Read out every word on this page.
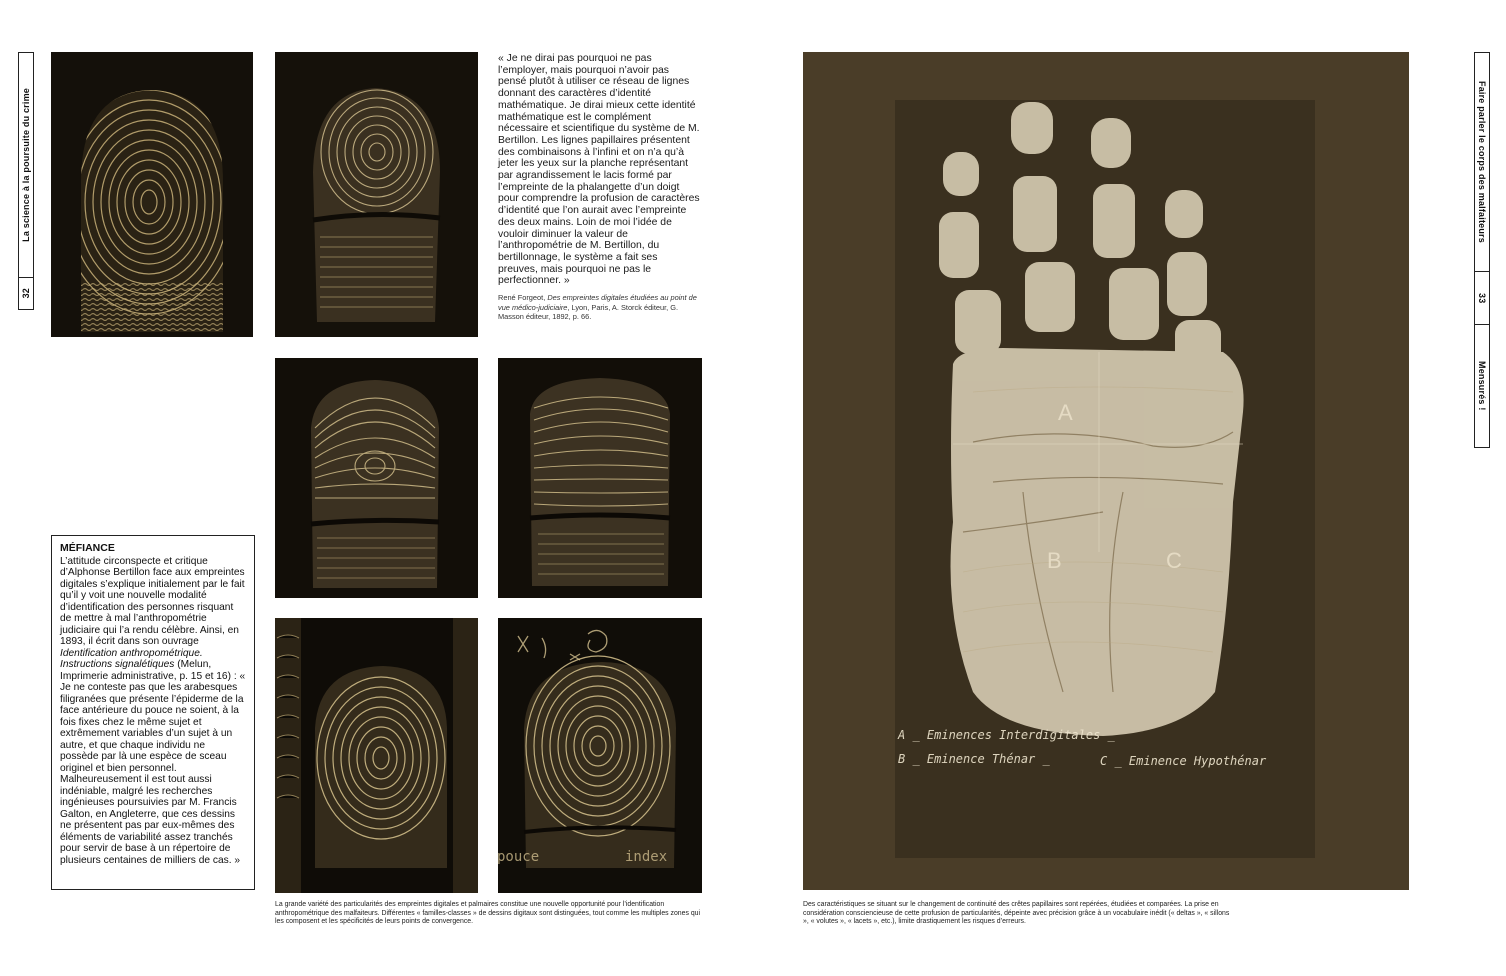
La science à la poursuite du crime
32
Faire parler le corps des malfaiteurs
33
Mensurés !
pouce	index
« Je ne dirai pas pourquoi ne pas l’employer, mais pourquoi n’avoir pas pensé plutôt à utiliser ce réseau de lignes donnant des caractères d’identité mathématique. Je dirai mieux cette identité mathématique est le complément nécessaire et scientifique du système de M. Bertillon. Les lignes papillaires présentent des combinaisons à l’infini et on n’a qu’à jeter les yeux sur la planche représentant par agrandissement le lacis formé par l’empreinte de la phalangette d’un doigt pour comprendre la profusion de caractères d’identité que l’on aurait avec l’empreinte des deux mains. Loin de moi l’idée de vouloir diminuer la valeur de l’anthropométrie de M. Bertillon, du bertillonnage, le système a fait ses preuves, mais pourquoi ne pas le perfectionner. »
René Forgeot, Des empreintes digitales étudiées au point de vue médico-judiciaire, Lyon, Paris, A. Storck éditeur, G. Masson éditeur, 1892, p. 66.
MÉFIANCE
L’attitude circonspecte et critique d’Alphonse Bertillon face aux empreintes digitales s’explique initialement par le fait qu’il y voit une nouvelle modalité d’identification des personnes risquant de mettre à mal l’anthropométrie judiciaire qui l’a rendu célèbre. Ainsi, en 1893, il écrit dans son ouvrage Identification anthropométrique. Instructions signalétiques (Melun, Imprimerie administrative, p. 15 et 16) : « Je ne conteste pas que les arabesques filigranées que présente l’épiderme de la face antérieure du pouce ne soient, à la fois fixes chez le même sujet et extrêmement variables d’un sujet à un autre, et que chaque individu ne possède par là une espèce de sceau originel et bien personnel. Malheureusement il est tout aussi indéniable, malgré les recherches ingénieuses poursuivies par M. Francis Galton, en Angleterre, que ces dessins ne présentent pas par eux-mêmes des éléments de variabilité assez tranchés pour servir de base à un répertoire de plusieurs centaines de milliers de cas. »
A
B	C
A _ Eminences Interdigitales _
B _ Eminence Thénar _	C _ Eminence Hypothénar
La grande variété des particularités des empreintes digitales et palmaires constitue une nouvelle opportunité pour l’identification anthropométrique des malfaiteurs. Différentes « familles-classes » de dessins digitaux sont distinguées, tout comme les multiples zones qui les composent et les spécificités de leurs points de convergence.
Des caractéristiques se situant sur le changement de continuité des crêtes papillaires sont repérées, étudiées et comparées. La prise en considération consciencieuse de cette profusion de particularités, dépeinte avec précision grâce à un vocabulaire inédit (« deltas », « sillons », « volutes », « lacets », etc.), limite drastiquement les risques d’erreurs.
